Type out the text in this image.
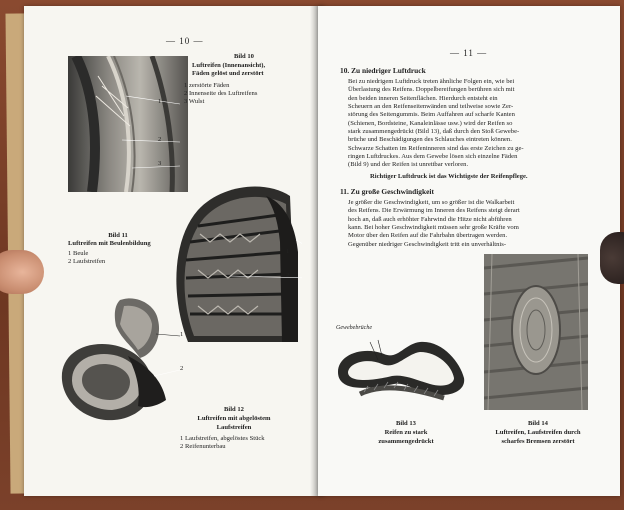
— 10 —
1
2
3
Bild 10
Luftreifen (Innenansicht),
Fäden gelöst und zerstört
1 zerstörte Fäden
2 Innenseite des Luftreifens
3 Wulst
1
2
Bild 11
Luftreifen mit Beulenbildung
1 Beule
2 Laufstreifen
1
2
Bild 12
Luftreifen mit abgelöstem
Laufstreifen
1 Laufstreifen, abgelöstes Stück
2 Reifenunterbau
— 11 —
10. Zu niedriger Luftdruck
Bei zu niedrigem Luftdruck treten ähnliche Folgen ein, wie bei
Überlastung des Reifens. Doppelbereifungen berühren sich mit
den beiden inneren Seitenflächen. Hierdurch entsteht ein
Scheuern an den Reifenseitenwänden und teilweise sowie Zer-
störung des Seitengummis. Beim Auffahren auf scharfe Kanten
(Schienen, Bordsteine, Kanaleinlässe usw.) wird der Reifen so
stark zusammengedrückt (Bild 13), daß durch den Stoß Gewebe-
brüche und Beschädigungen des Schlauches eintreten können.
Schwarze Schatten im Reifeninneren sind das erste Zeichen zu ge-
ringen Luftdruckes. Aus dem Gewebe lösen sich einzelne Fäden
(Bild 9) und der Reifen ist unrettbar verloren.
Richtiger Luftdruck ist das Wichtigste der Reifenpflege.
11. Zu große Geschwindigkeit
Je größer die Geschwindigkeit, um so größer ist die Walkarbeit
des Reifens. Die Erwärmung im Inneren des Reifens steigt derart
hoch an, daß auch erhöhter Fahrwind die Hitze nicht abführen
kann. Bei hoher Geschwindigkeit müssen sehr große Kräfte vom
Motor über den Reifen auf die Fahrbahn übertragen werden.
Gegenüber niedriger Geschwindigkeit tritt ein unverhältnis-
Gewebebrüche
Bild 13
Reifen zu stark
zusammengedrückt
Bild 14
Luftreifen, Laufstreifen durch
scharfes Bremsen zerstört
